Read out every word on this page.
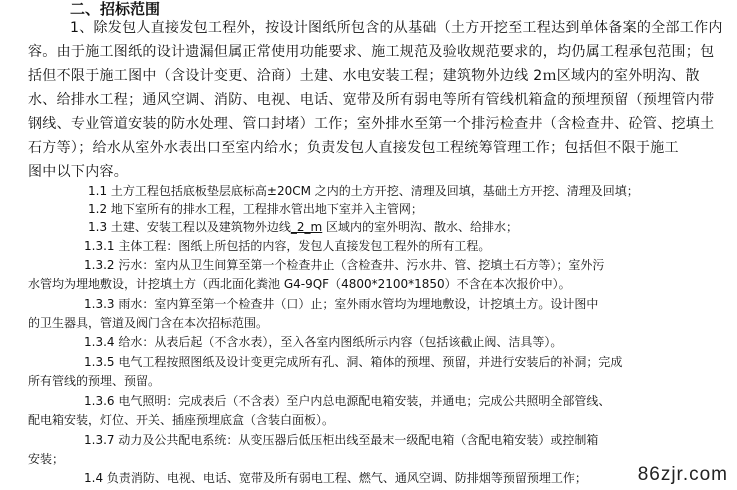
二、招标范围
1、除发包人直接发包工程外，按设计图纸所包含的从基础（土方开挖至工程达到单体备案的全部工作内
容。由于施工图纸的设计遗漏但属正常使用功能要求、施工规范及验收规范要求的，均仍属工程承包范围；包
括但不限于施工图中（含设计变更、洽商）土建、水电安装工程；建筑物外边线 2ｍ区域内的室外明沟、散
水、给排水工程；通风空调、消防、电视、电话、宽带及所有弱电等所有管线机箱盒的预埋预留（预埋管内带
钢线、专业管道安装的防水处理、管口封堵）工作；室外排水至第一个排污检查井（含检查井、砼管、挖填土
石方等）；给水从室外水表出口至室内给水；负责发包人直接发包工程统筹管理工作；包括但不限于施工
图中以下内容。
1.1 土方工程包括底板垫层底标高±20CM 之内的土方开挖、清理及回填，基础土方开挖、清理及回填；
1.2 地下室所有的排水工程，工程排水管出地下室并入主管网；
1.3 土建、安装工程以及建筑物外边线_2_m 区域内的室外明沟、散水、给排水；
1.3.1 主体工程：图纸上所包括的内容，发包人直接发包工程外的所有工程。
1.3.2 污水：室内从卫生间算至第一个检查井止（含检查井、污水井、管、挖填土石方等）；室外污
水管均为埋地敷设，计挖填土方（西北面化粪池 G4-9QF（4800*2100*1850）不含在本次报价中）。
1.3.3 雨水：室内算至第一个检查井（口）止；室外雨水管均为埋地敷设，计挖填土方。设计图中
的卫生器具，管道及阀门含在本次招标范围。
1.3.4 给水：从表后起（不含水表），至入各室内图纸所示内容（包括该截止阀、洁具等）。
1.3.5 电气工程按照图纸及设计变更完成所有孔、洞、箱体的预埋、预留，并进行安装后的补洞；完成
所有管线的预埋、预留。
1.3.6 电气照明：完成表后（不含表）至户内总电源配电箱安装，并通电；完成公共照明全部管线、
配电箱安装，灯位、开关、插座预埋底盒（含装白面板）。
1.3.7 动力及公共配电系统：从变压器后低压柜出线至最末一级配电箱（含配电箱安装）或控制箱
安装；
1.4 负责消防、电视、电话、宽带及所有弱电工程、燃气、通风空调、防排烟等预留预埋工作；	86zjr.com
